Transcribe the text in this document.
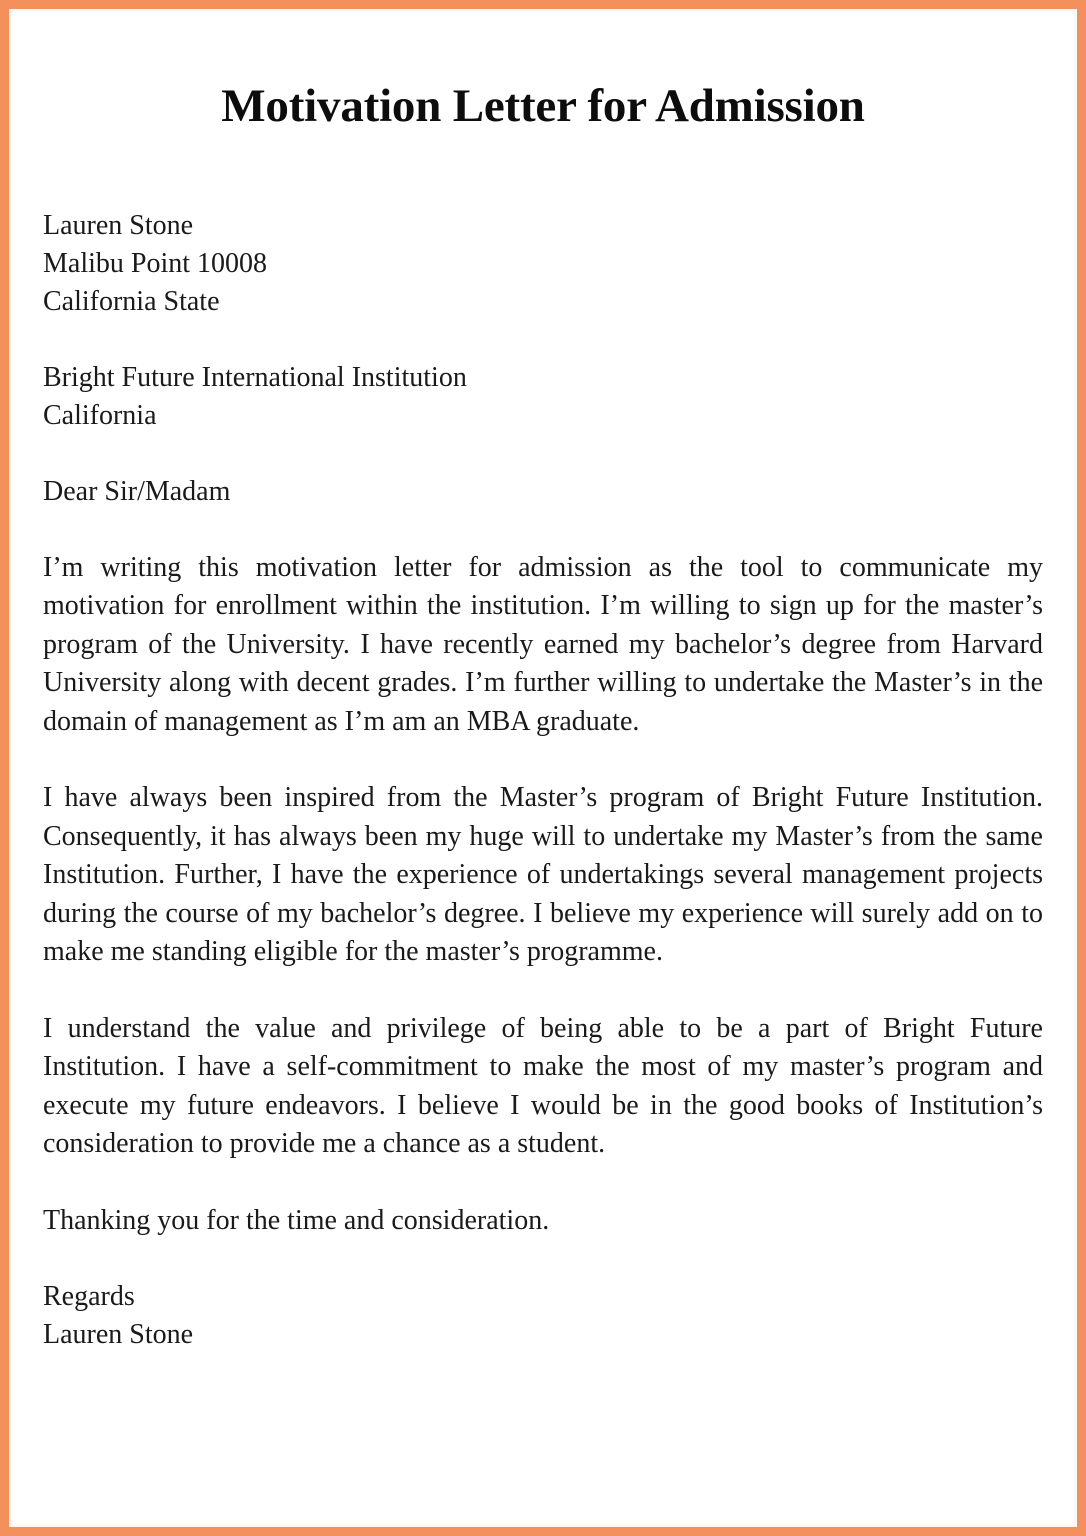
Motivation Letter for Admission
Lauren Stone
Malibu Point 10008
California State
Bright Future International Institution
California

Dear Sir/Madam

I’m writing this motivation letter for admission as the tool to communicate my motivation for enrollment within the institution. I’m willing to sign up for the master’s program of the University. I have recently earned my bachelor’s degree from Harvard University along with decent grades. I’m further willing to undertake the Master’s in the domain of management as I’m am an MBA graduate.

I have always been inspired from the Master’s program of Bright Future Institution. Consequently, it has always been my huge will to undertake my Master’s from the same Institution. Further, I have the experience of undertakings several management projects during the course of my bachelor’s degree. I believe my experience will surely add on to make me standing eligible for the master’s programme.

I understand the value and privilege of being able to be a part of Bright Future Institution. I have a self-commitment to make the most of my master’s program and execute my future endeavors. I believe I would be in the good books of Institution’s consideration to provide me a chance as a student.

Thanking you for the time and consideration.

Regards
Lauren Stone
